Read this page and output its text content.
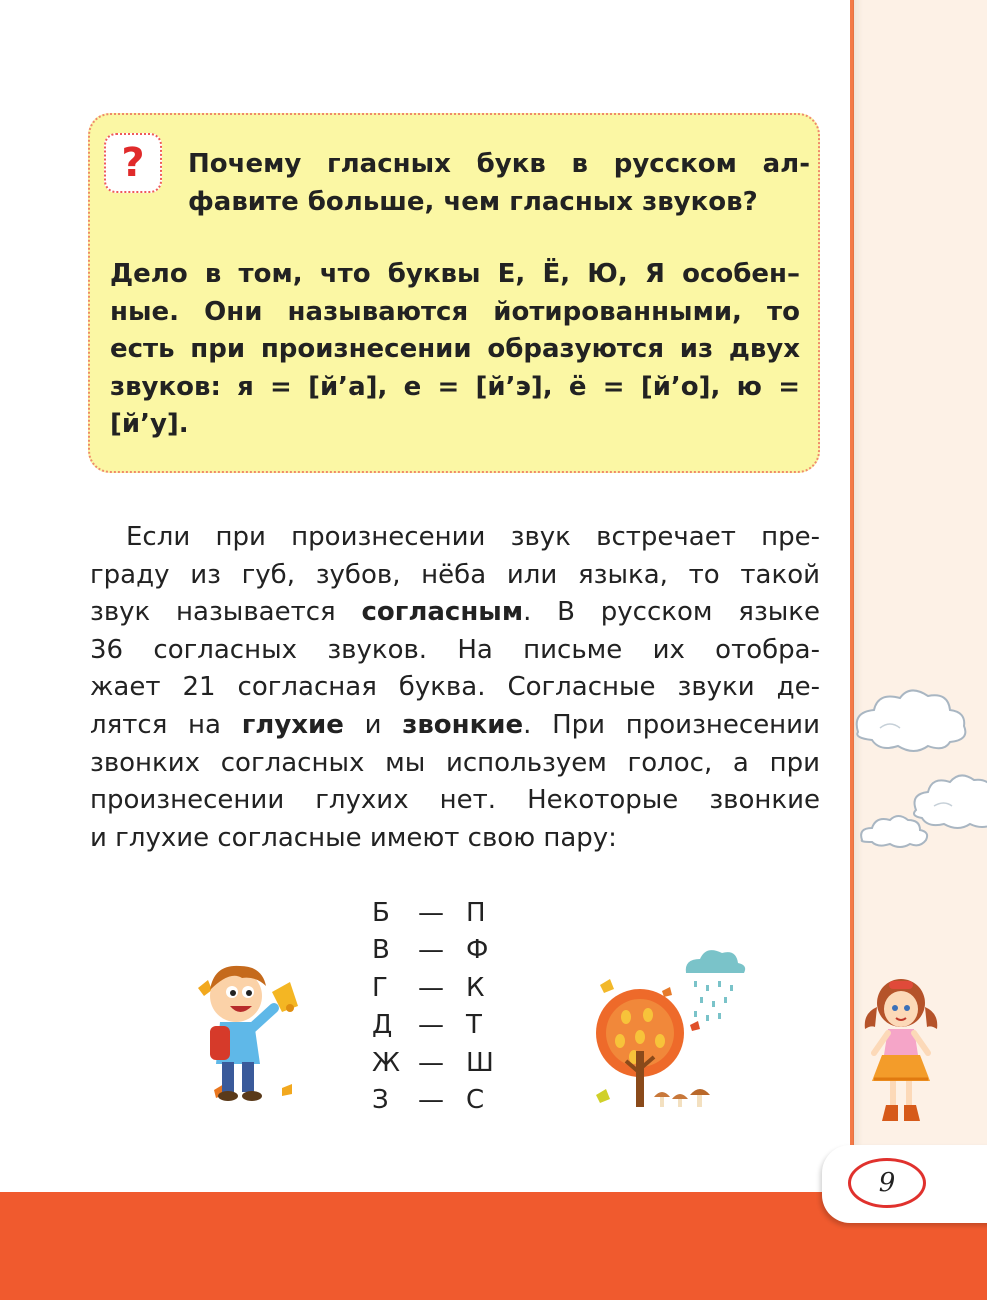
9
? Почему гласных букв в русском ал-
фавите больше, чем гласных звуков?
Дело в том, что буквы Е, Ё, Ю, Я особен–
ные. Они называются йотированными, то
есть при произнесении образуются из двух
звуков: я = [й’а], е = [й’э], ё = [й’о], ю =
[й’у].
Если при произнесении звук встречает пре-
граду из губ, зубов, нёба или языка, то такой
звук называется согласным. В русском языке
36 согласных звуков. На письме их отобра-
жает 21 согласная буква. Согласные звуки де-
лятся на глухие и звонкие. При произнесении
звонких согласных мы используем голос, а при
произнесении глухих нет. Некоторые звонкие
и глухие согласные имеют свою пару:
Б	— П
В	— Ф
Г	— К
Д — Т
Ж — Ш
З	— С
